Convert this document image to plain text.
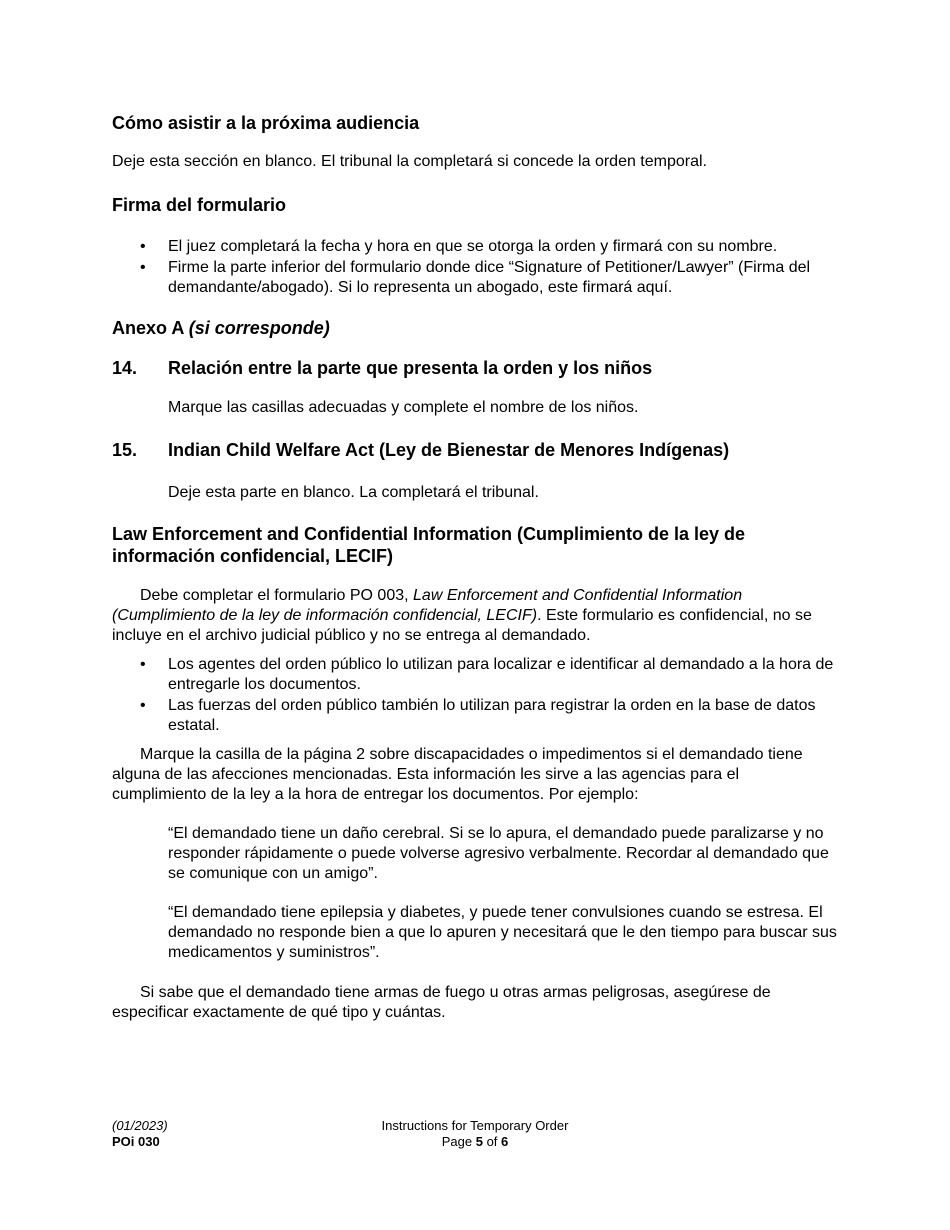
Cómo asistir a la próxima audiencia

Deje esta sección en blanco. El tribunal la completará si concede la orden temporal.

Firma del formulario
• El juez completará la fecha y hora en que se otorga la orden y firmará con su nombre.
• Firme la parte inferior del formulario donde dice “Signature of Petitioner/Lawyer” (Firma del demandante/abogado). Si lo representa un abogado, este firmará aquí.
Anexo A (si corresponde)
14. Relación entre la parte que presenta la orden y los niños

Marque las casillas adecuadas y complete el nombre de los niños.

15. Indian Child Welfare Act (Ley de Bienestar de Menores Indígenas)

Deje esta parte en blanco. La completará el tribunal.

Law Enforcement and Confidential Information (Cumplimiento de la ley de información confidencial, LECIF)

Debe completar el formulario PO 003, Law Enforcement and Confidential Information (Cumplimiento de la ley de información confidencial, LECIF). Este formulario es confidencial, no se incluye en el archivo judicial público y no se entrega al demandado.

• Los agentes del orden público lo utilizan para localizar e identificar al demandado a la hora de entregarle los documentos.
• Las fuerzas del orden público también lo utilizan para registrar la orden en la base de datos estatal.

Marque la casilla de la página 2 sobre discapacidades o impedimentos si el demandado tiene alguna de las afecciones mencionadas. Esta información les sirve a las agencias para el cumplimiento de la ley a la hora de entregar los documentos. Por ejemplo:

“El demandado tiene un daño cerebral. Si se lo apura, el demandado puede paralizarse y no responder rápidamente o puede volverse agresivo verbalmente. Recordar al demandado que se comunique con un amigo”.

“El demandado tiene epilepsia y diabetes, y puede tener convulsiones cuando se estresa. El demandado no responde bien a que lo apuren y necesitará que le den tiempo para buscar sus medicamentos y suministros”.

Si sabe que el demandado tiene armas de fuego u otras armas peligrosas, asegúrese de especificar exactamente de qué tipo y cuántas.

(01/2023)
POi 030
Instructions for Temporary Order Page 5 of 6
